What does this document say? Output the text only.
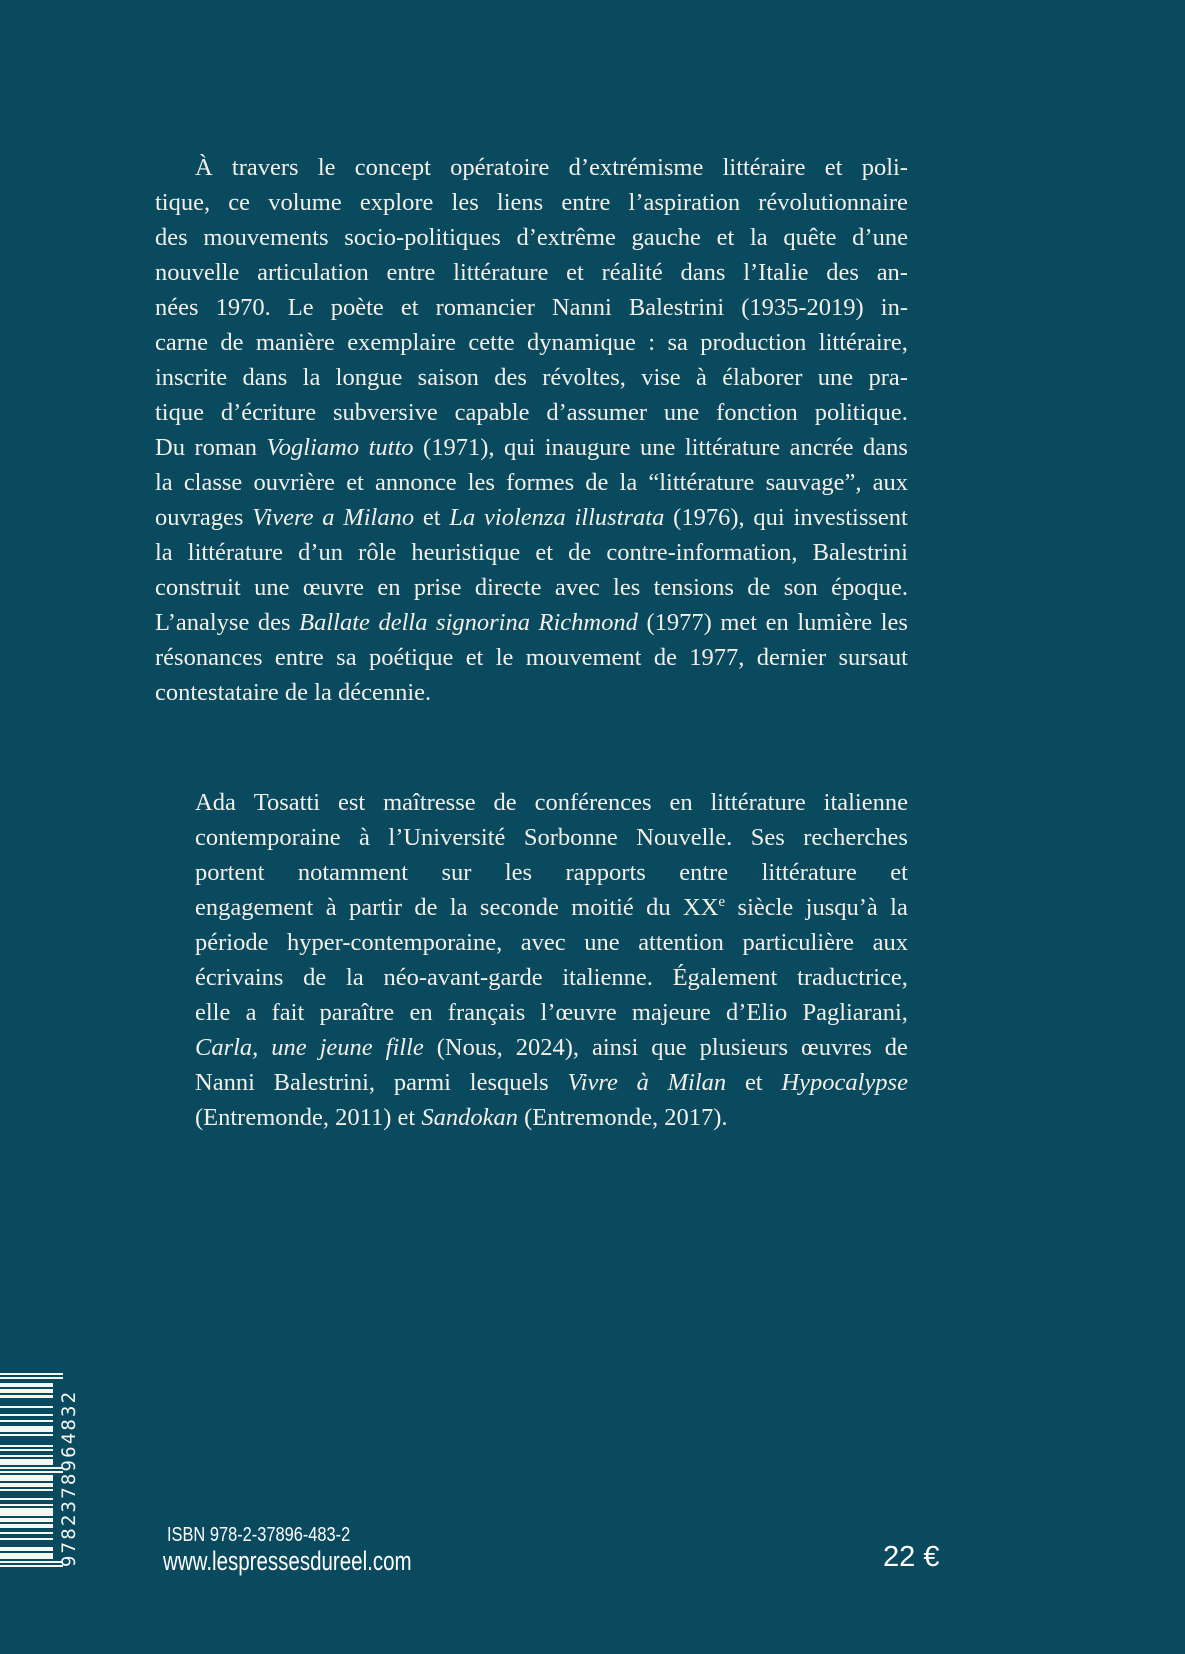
À travers le concept opératoire d’extrémisme littéraire et poli-
tique, ce volume explore les liens entre l’aspiration révolutionnaire
des mouvements socio-politiques d’extrême gauche et la quête d’une
nouvelle articulation entre littérature et réalité dans l’Italie des an-
nées 1970. Le poète et romancier Nanni Balestrini (1935-2019) in-
carne de manière exemplaire cette dynamique : sa production littéraire,
inscrite dans la longue saison des révoltes, vise à élaborer une pra-
tique d’écriture subversive capable d’assumer une fonction politique.
Du roman Vogliamo tutto (1971), qui inaugure une littérature ancrée dans
la classe ouvrière et annonce les formes de la “littérature sauvage”, aux
ouvrages Vivere a Milano et La violenza illustrata (1976), qui investissent
la littérature d’un rôle heuristique et de contre-information, Balestrini
construit une œuvre en prise directe avec les tensions de son époque.
L’analyse des Ballate della signorina Richmond (1977) met en lumière les
résonances entre sa poétique et le mouvement de 1977, dernier sursaut
contestataire de la décennie.
Ada Tosatti est maîtresse de conférences en littérature italienne
contemporaine à l’Université Sorbonne Nouvelle. Ses recherches
portent notamment sur les rapports entre littérature et
engagement à partir de la seconde moitié du XXe siècle jusqu’à la
période hyper-contemporaine, avec une attention particulière aux
écrivains de la néo-avant-garde italienne. Également traductrice,
elle a fait paraître en français l’œuvre majeure d’Elio Pagliarani,
Carla, une jeune fille (Nous, 2024), ainsi que plusieurs œuvres de
Nanni Balestrini, parmi lesquels Vivre à Milan et Hypocalypse
(Entremonde, 2011) et Sandokan (Entremonde, 2017).
9782378964832	ISBN 978-2-37896-483-2
www.lespressesdureel.com	22 €
